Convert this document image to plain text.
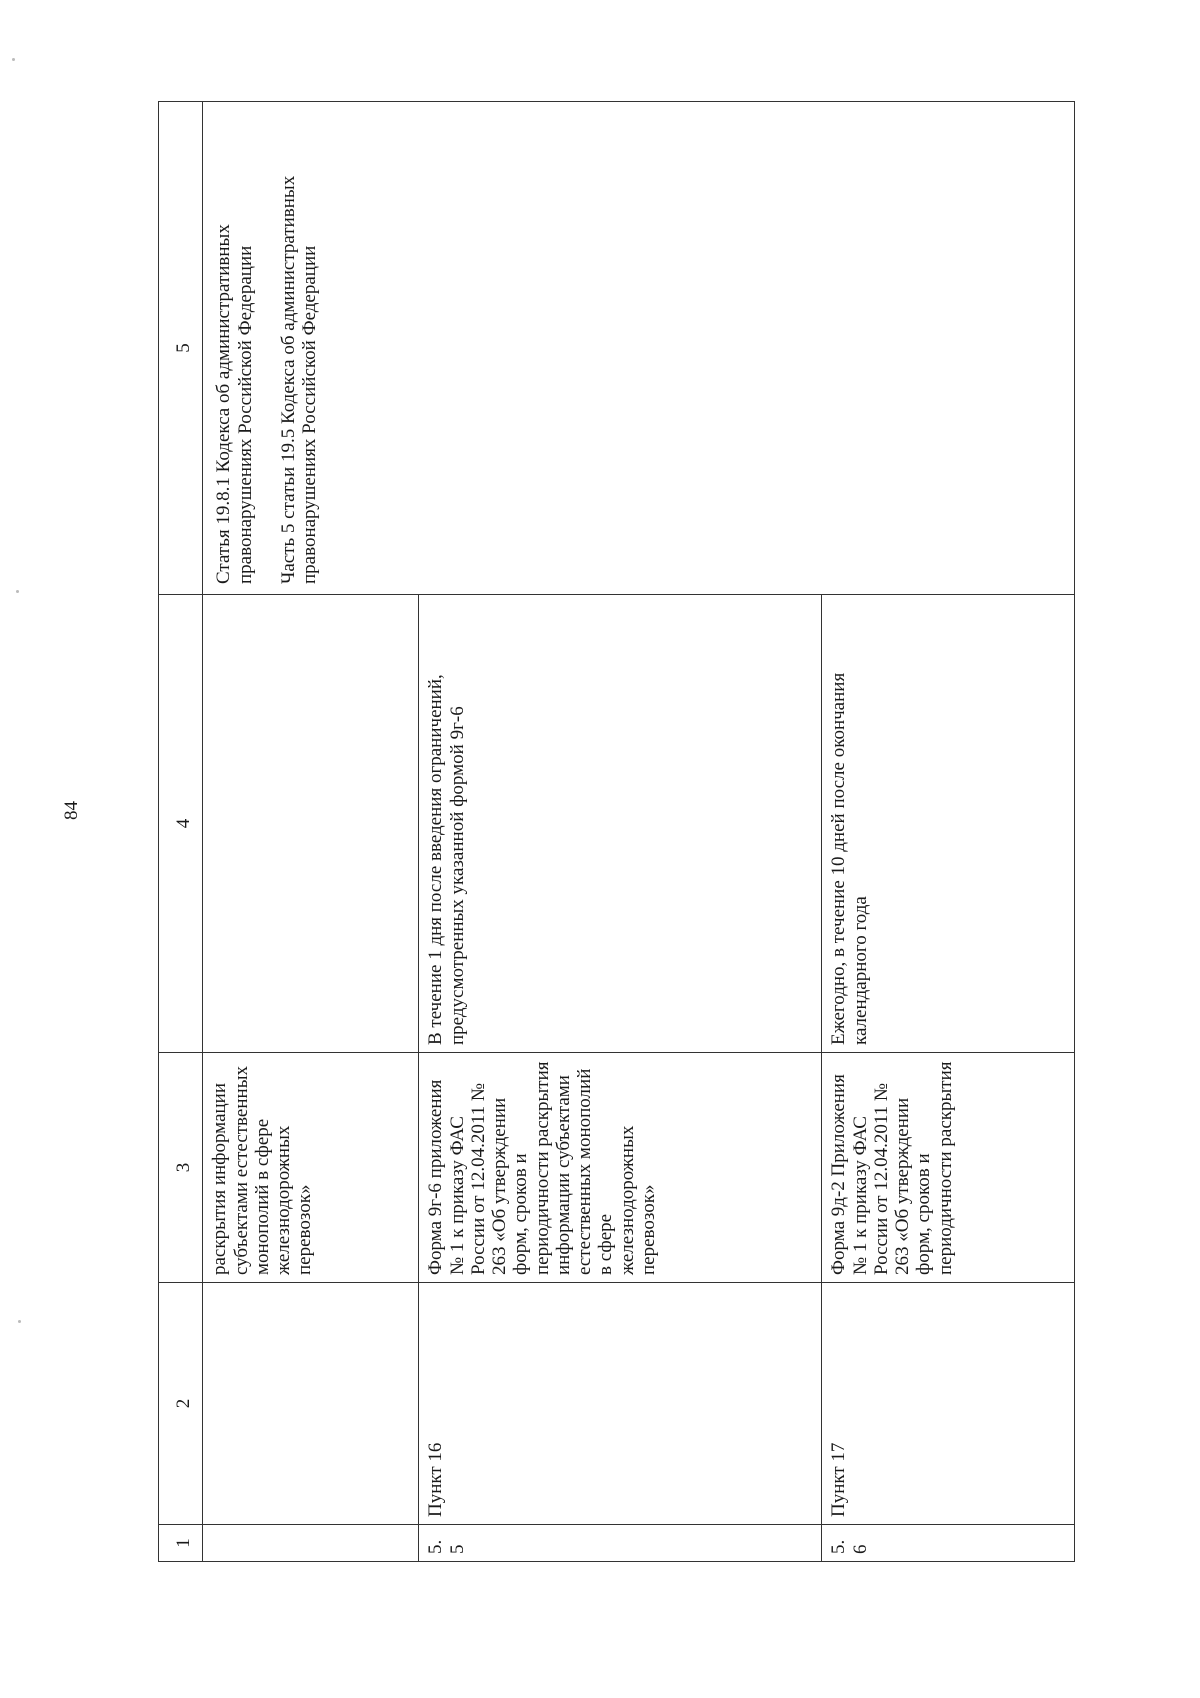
84
1	2	3	4	5
		раскрытия информации субъектами естественных монополий в сфере железнодорожных перевозок»		Статья 19.8.1 Кодекса об административных правонарушениях Российской Федерации Часть 5 статьи 19.5 Кодекса об административных правонарушениях Российской Федерации

5.5	Пункт 16	Форма 9г-6 приложения № 1 к приказу ФАС России от 12.04.2011 № 263 «Об утверждении форм, сроков и периодичности раскрытия информации субъектами естественных монополий в сфере железнодорожных перевозок»	В течение 1 дня после введения ограничений, предусмотренных указанной формой 9г-6	
5.6	Пункт 17	Форма 9д-2 Приложения № 1 к приказу ФАС России от 12.04.2011 № 263 «Об утверждении форм, сроков и периодичности раскрытия	Ежегодно, в течение 10 дней после окончания календарного года	
